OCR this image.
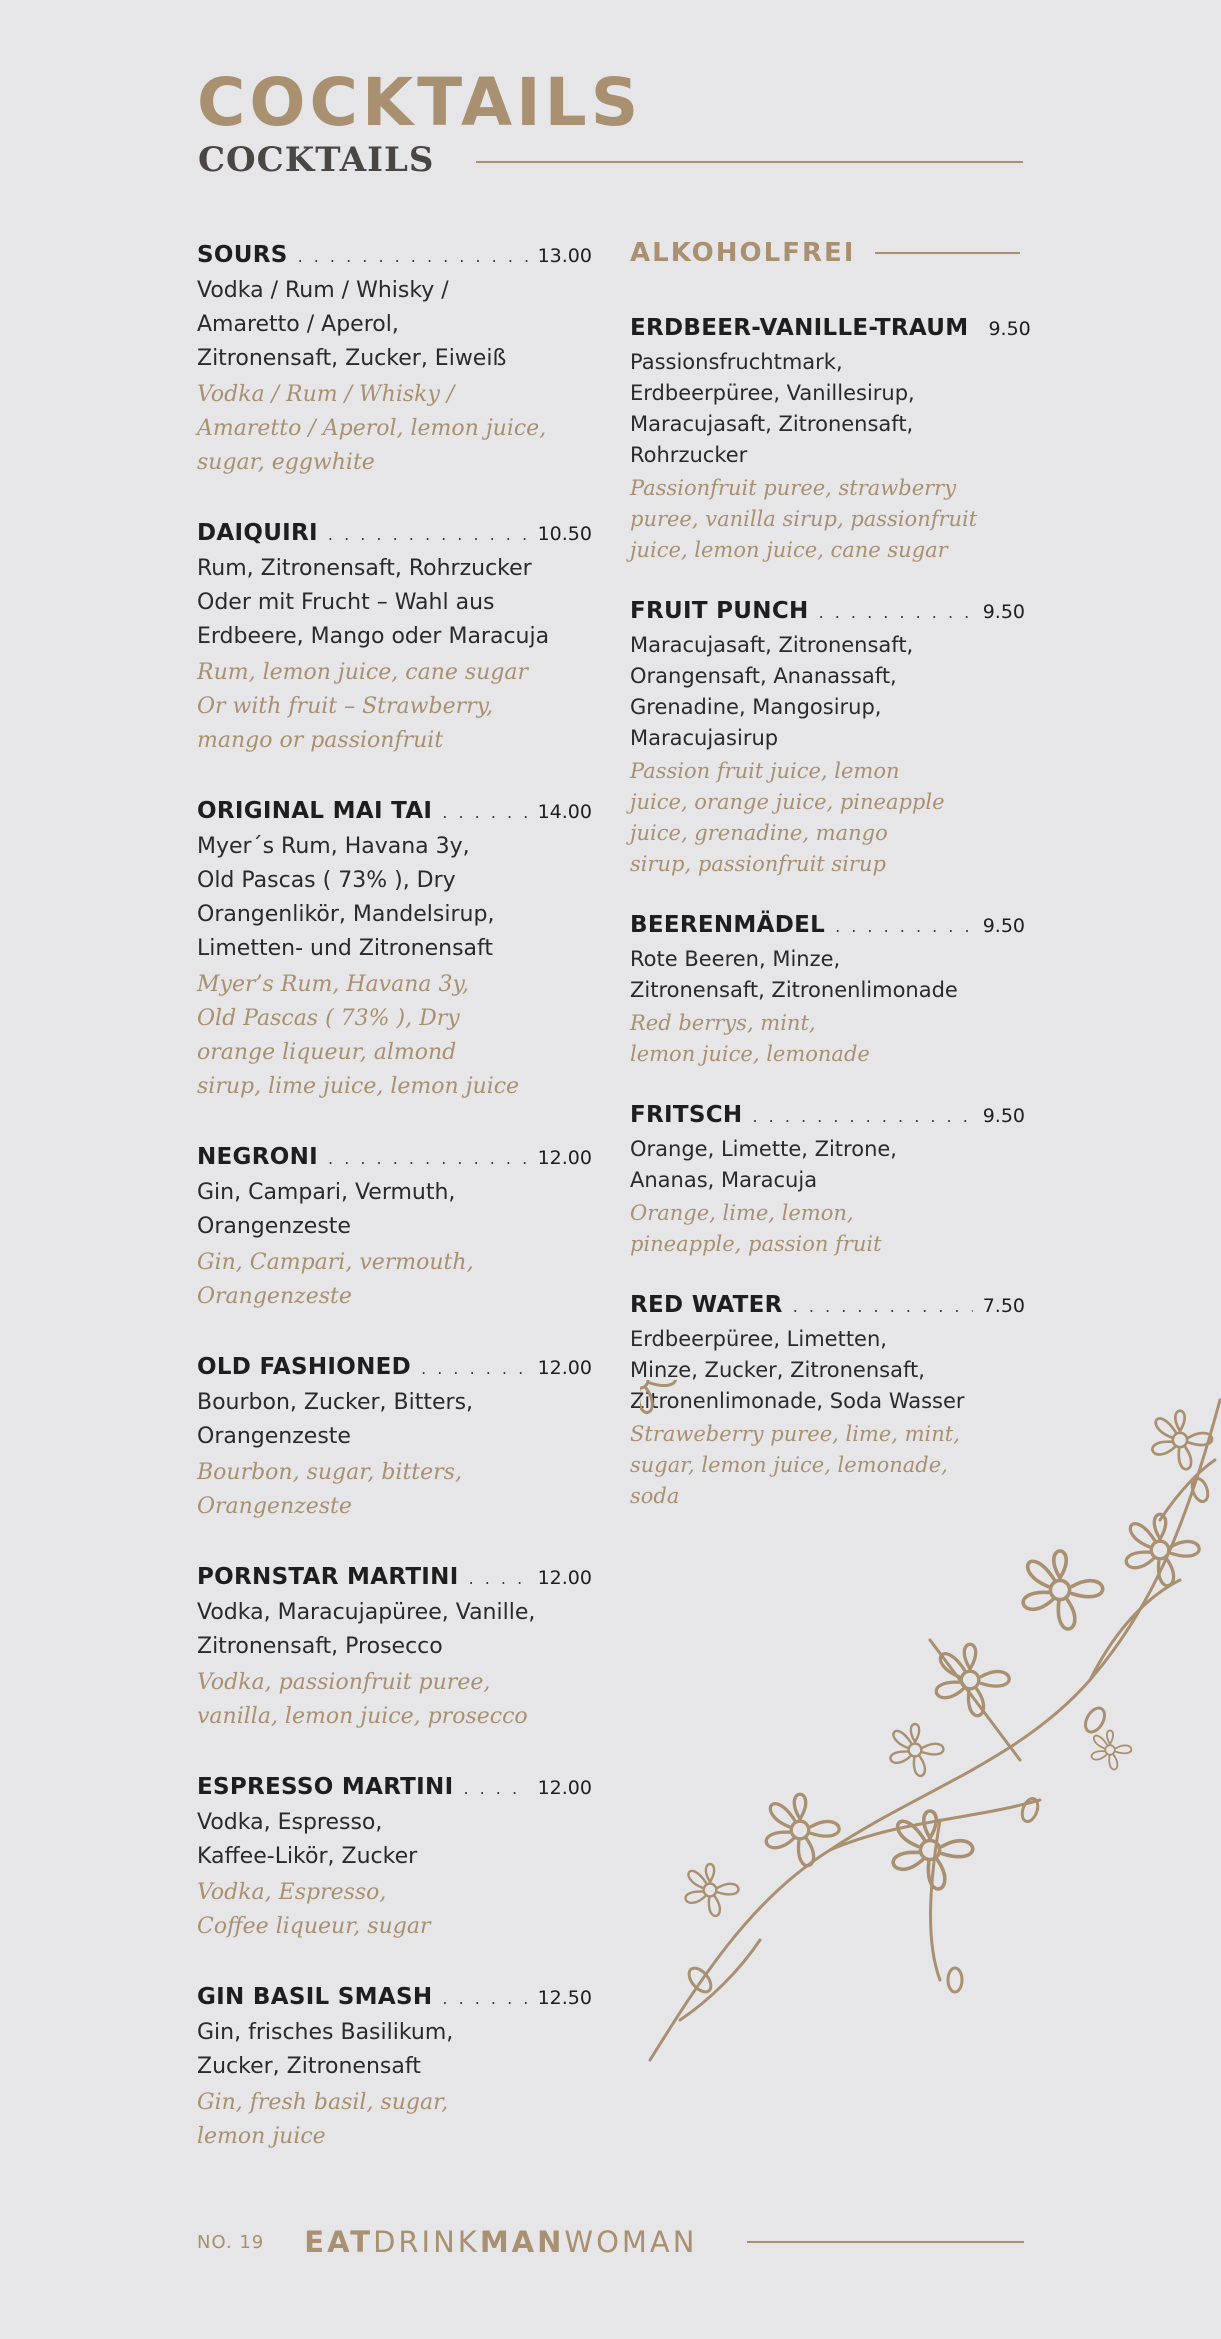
COCKTAILS
COCKTAILS
SOURS . . .	13.00
Vodka / Rum / Whisky /
Amaretto / Aperol,
Zitronensaft, Zucker, Eiweiß
Vodka / Rum / Whisky /
Amaretto / Aperol, lemon juice,
sugar, eggwhite
DAIQUIRI . . .	10.50
Rum, Zitronensaft, Rohrzucker
Oder mit Frucht – Wahl aus
Erdbeere, Mango oder Maracuja
Rum, lemon juice, cane sugar
Or with fruit – Strawberry,
mango or passionfruit
ORIGINAL MAI TAI . . .	14.00
Myer´s Rum, Havana 3y,
Old Pascas ( 73% ), Dry
Orangenlikör, Mandelsirup,
Limetten- und Zitronensaft
Myer’s Rum, Havana 3y,
Old Pascas ( 73% ), Dry
orange liqueur, almond
sirup, lime juice, lemon juice
NEGRONI . . .	12.00
Gin, Campari, Vermuth,
Orangenzeste
Gin, Campari, vermouth,
Orangenzeste
OLD FASHIONED . . .	12.00
Bourbon, Zucker, Bitters,
Orangenzeste
Bourbon, sugar, bitters,
Orangenzeste
PORNSTAR MARTINI . . .	12.00
Vodka, Maracujapüree, Vanille,
Zitronensaft, Prosecco
Vodka, passionfruit puree,
vanilla, lemon juice, prosecco
ESPRESSO MARTINI . . .	12.00
Vodka, Espresso,
Kaffee-Likör, Zucker
Vodka, Espresso,
Coffee liqueur, sugar
GIN BASIL SMASH . . .	12.50
Gin, frisches Basilikum,
Zucker, Zitronensaft
Gin, fresh basil, sugar,
lemon juice
ALKOHOLFREI
ERDBEER-VANILLE-TRAUM 9.50
Passionsfruchtmark,
Erdbeerpüree, Vanillesirup,
Maracujasaft, Zitronensaft,
Rohrzucker
Passionfruit puree, strawberry
puree, vanilla sirup, passionfruit
juice, lemon juice, cane sugar
FRUIT PUNCH . . .	9.50
Maracujasaft, Zitronensaft,
Orangensaft, Ananassaft,
Grenadine, Mangosirup,
Maracujasirup
Passion fruit juice, lemon
juice, orange juice, pineapple
juice, grenadine, mango
sirup, passionfruit sirup
BEERENMÄDEL . . .	9.50
Rote Beeren, Minze,
Zitronensaft, Zitronenlimonade
Red berrys, mint,
lemon juice, lemonade
FRITSCH . . .	9.50
Orange, Limette, Zitrone,
Ananas, Maracuja
Orange, lime, lemon,
pineapple, passion fruit
RED WATER . . .	7.50
Erdbeerpüree, Limetten,
Minze, Zucker, Zitronensaft,
Zitronenlimonade, Soda Wasser
Straweberry puree, lime, mint,
sugar, lemon juice, lemonade,
soda
NO. 19 EATDRINKMANWOMAN
